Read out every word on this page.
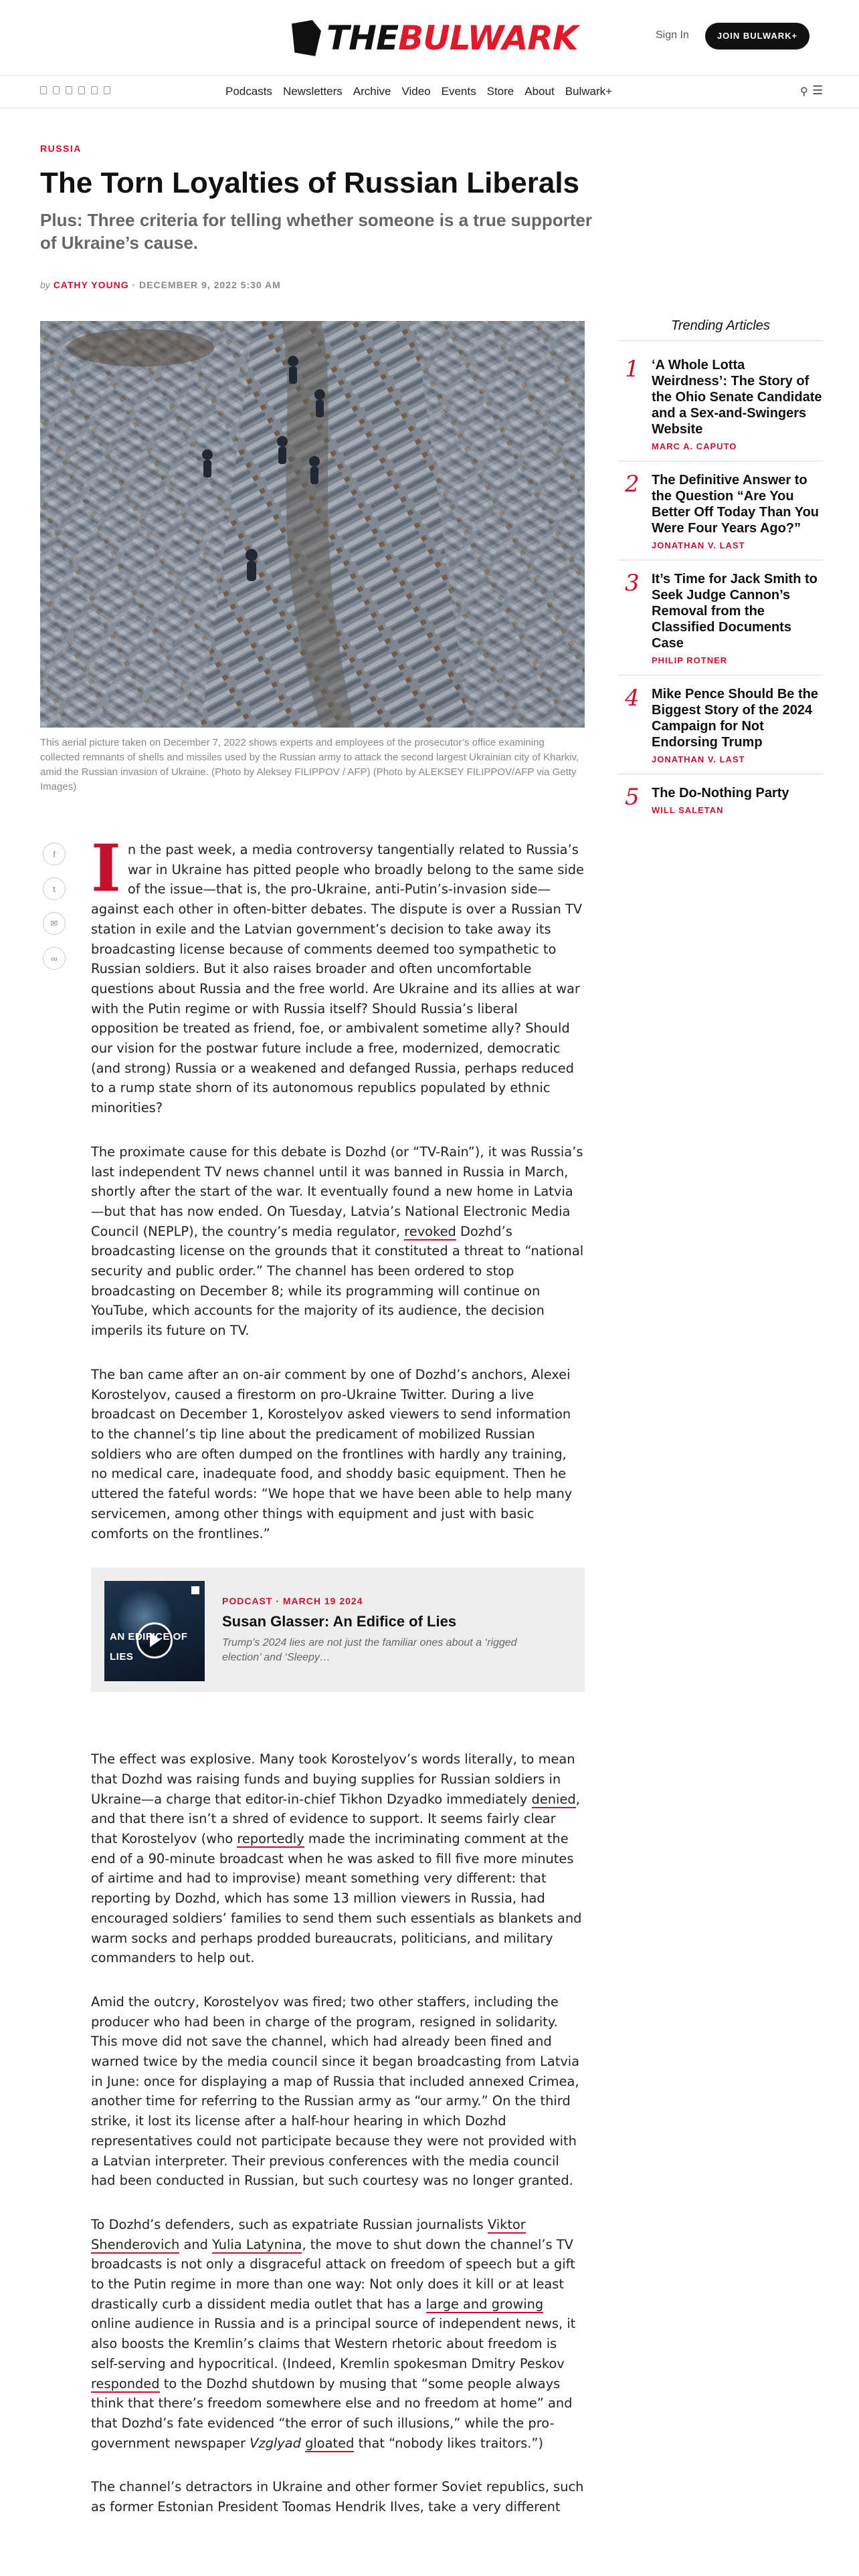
THE BULWARK	Sign In	JOIN BULWARK+
Podcasts Newsletters Archive Video Events Store About Bulwark+	⚲ ☰
RUSSIA
The Torn Loyalties of Russian Liberals
Plus: Three criteria for telling whether someone is a true supporter of Ukraine’s cause.
by CATHY YOUNG · DECEMBER 9, 2022 5:30 AM

This aerial picture taken on December 7, 2022 shows experts and employees of the prosecutor’s office examining collected remnants of shells and missiles used by the Russian army to attack the second largest Ukrainian city of Kharkiv, amid the Russian invasion of Ukraine. (Photo by Aleksey FILIPPOV / AFP) (Photo by ALEKSEY FILIPPOV/AFP via Getty Images)

f
t
✉
∞

In the past week, a media controversy tangentially related to Russia’s war in Ukraine has pitted people who broadly belong to the same side of the issue—that is, the pro-Ukraine, anti-Putin’s-invasion side—against each other in often-bitter debates. The dispute is over a Russian TV station in exile and the Latvian government’s decision to take away its broadcasting license because of comments deemed too sympathetic to Russian soldiers. But it also raises broader and often uncomfortable questions about Russia and the free world. Are Ukraine and its allies at war with the Putin regime or with Russia itself? Should Russia’s liberal opposition be treated as friend, foe, or ambivalent sometime ally? Should our vision for the postwar future include a free, modernized, democratic (and strong) Russia or a weakened and defanged Russia, perhaps reduced to a rump state shorn of its autonomous republics populated by ethnic minorities?

The proximate cause for this debate is Dozhd (or “TV-Rain”), it was Russia’s last independent TV news channel until it was banned in Russia in March, shortly after the start of the war. It eventually found a new home in Latvia—but that has now ended. On Tuesday, Latvia’s National Electronic Media Council (NEPLP), the country’s media regulator, revoked Dozhd’s broadcasting license on the grounds that it constituted a threat to “national security and public order.” The channel has been ordered to stop broadcasting on December 8; while its programming will continue on YouTube, which accounts for the majority of its audience, the decision imperils its future on TV.

The ban came after an on-air comment by one of Dozhd’s anchors, Alexei Korostelyov, caused a firestorm on pro-Ukraine Twitter. During a live broadcast on December 1, Korostelyov asked viewers to send information to the channel’s tip line about the predicament of mobilized Russian soldiers who are often dumped on the frontlines with hardly any training, no medical care, inadequate food, and shoddy basic equipment. Then he uttered the fateful words: “We hope that we have been able to help many servicemen, among other things with equipment and just with basic comforts on the frontlines.”

AN EDIFICE OF LIES
PODCAST · MARCH 19 2024
Susan Glasser: An Edifice of Lies
Trump’s 2024 lies are not just the familiar ones about a ‘rigged election’ and ‘Sleepy…

The effect was explosive. Many took Korostelyov’s words literally, to mean that Dozhd was raising funds and buying supplies for Russian soldiers in Ukraine—a charge that editor-in-chief Tikhon Dzyadko immediately denied, and that there isn’t a shred of evidence to support. It seems fairly clear that Korostelyov (who reportedly made the incriminating comment at the end of a 90-minute broadcast when he was asked to fill five more minutes of airtime and had to improvise) meant something very different: that reporting by Dozhd, which has some 13 million viewers in Russia, had encouraged soldiers’ families to send them such essentials as blankets and warm socks and perhaps prodded bureaucrats, politicians, and military commanders to help out.

Amid the outcry, Korostelyov was fired; two other staffers, including the producer who had been in charge of the program, resigned in solidarity. This move did not save the channel, which had already been fined and warned twice by the media council since it began broadcasting from Latvia in June: once for displaying a map of Russia that included annexed Crimea, another time for referring to the Russian army as “our army.” On the third strike, it lost its license after a half-hour hearing in which Dozhd representatives could not participate because they were not provided with a Latvian interpreter. Their previous conferences with the media council had been conducted in Russian, but such courtesy was no longer granted.

To Dozhd’s defenders, such as expatriate Russian journalists Viktor Shenderovich and Yulia Latynina, the move to shut down the channel’s TV broadcasts is not only a disgraceful attack on freedom of speech but a gift to the Putin regime in more than one way: Not only does it kill or at least drastically curb a dissident media outlet that has a large and growing online audience in Russia and is a principal source of independent news, it also boosts the Kremlin’s claims that Western rhetoric about freedom is self-serving and hypocritical. (Indeed, Kremlin spokesman Dmitry Peskov responded to the Dozhd shutdown by musing that “some people always think that there’s freedom somewhere else and no freedom at home” and that Dozhd’s fate evidenced “the error of such illusions,” while the pro-government newspaper Vzglyad gloated that “nobody likes traitors.”)

The channel’s detractors in Ukraine and other former Soviet republics, such as former Estonian President Toomas Hendrik Ilves, take a very different

Trending Articles
1 ‘A Whole Lotta Weirdness’: The Story of the Ohio Senate Candidate and a Sex-and-Swingers Website
MARC A. CAPUTO
2 The Definitive Answer to the Question “Are You Better Off Today Than You Were Four Years Ago?”
JONATHAN V. LAST
3 It’s Time for Jack Smith to Seek Judge Cannon’s Removal from the Classified Documents Case
PHILIP ROTNER
4 Mike Pence Should Be the Biggest Story of the 2024 Campaign for Not Endorsing Trump
JONATHAN V. LAST
5 The Do-Nothing Party
WILL SALETAN
